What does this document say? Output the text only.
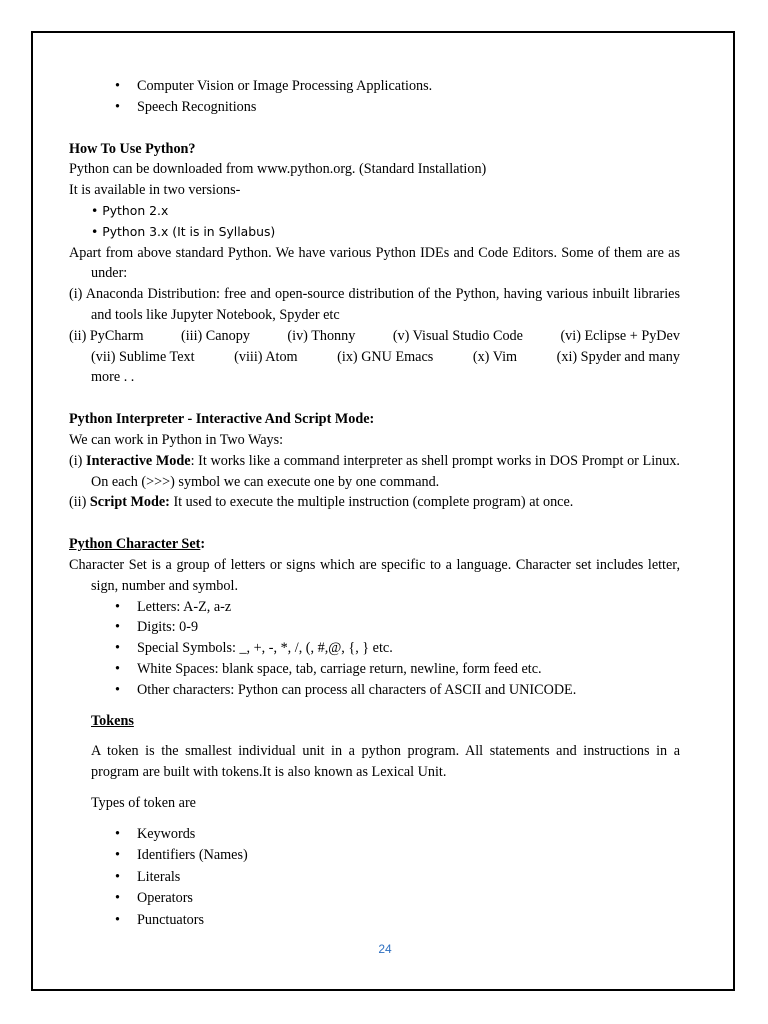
• Computer Vision or Image Processing Applications.
• Speech Recognitions

How To Use Python?

Python can be downloaded from www.python.org. (Standard Installation)

It is available in two versions-

• Python 2.x

• Python 3.x (It is in Syllabus)

Apart from above standard Python. We have various Python IDEs and Code Editors. Some of them are as under:

(i) Anaconda Distribution: free and open-source distribution of the Python, having various inbuilt libraries and tools like Jupyter Notebook, Spyder etc

(ii) PyCharm	(iii) Canopy	(iv) Thonny	(v) Visual Studio Code	(vi) Eclipse + PyDev
(vii) Sublime Text	(viii) Atom	(ix) GNU Emacs	(x) Vim	(xi) Spyder and many

more . .

Python Interpreter - Interactive And Script Mode:

We can work in Python in Two Ways:

(i) Interactive Mode: It works like a command interpreter as shell prompt works in DOS Prompt or Linux. On each (>>>) symbol we can execute one by one command.

(ii) Script Mode: It used to execute the multiple instruction (complete program) at once.

Python Character Set:

Character Set is a group of letters or signs which are specific to a language. Character set includes letter, sign, number and symbol.

• Letters: A-Z, a-z
• Digits: 0-9
• Special Symbols: _, +, -, *, /, (, #,@, {, } etc.
• White Spaces: blank space, tab, carriage return, newline, form feed etc.
• Other characters: Python can process all characters of ASCII and UNICODE.

Tokens

A token is the smallest individual unit in a python program. All statements and instructions in a program are built with tokens.It is also known as Lexical Unit.

Types of token are

• Keywords
• Identifiers (Names)
• Literals
• Operators
• Punctuators
24
